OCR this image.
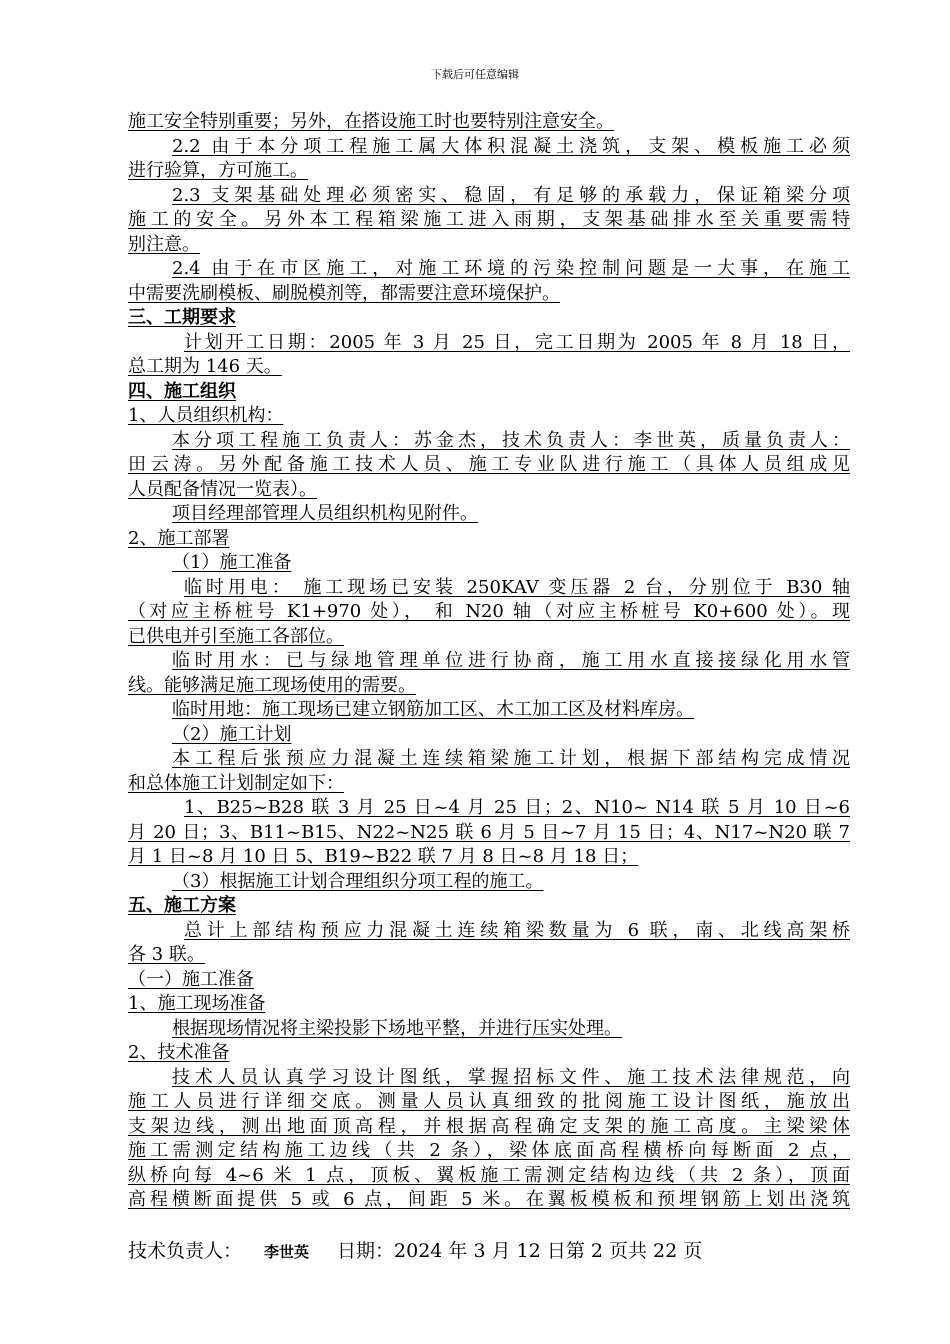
下载后可任意编辑
施工安全特别重要；另外，在搭设施工时也要特别注意安全。
2.2 由于本分项工程施工属大体积混凝土浇筑，支架、模板施工必须
进行验算，方可施工。
2.3 支架基础处理必须密实、稳固，有足够的承载力，保证箱梁分项
施工的安全。另外本工程箱梁施工进入雨期，支架基础排水至关重要需特
别注意。
2.4 由于在市区施工，对施工环境的污染控制问题是一大事，在施工
中需要洗刷模板、刷脱模剂等，都需要注意环境保护。
三、工期要求
计划开工日期：2005 年 3 月 25 日，完工日期为 2005 年 8 月 18 日，
总工期为 146 天。
四、施工组织
1、人员组织机构：
本分项工程施工负责人：苏金杰，技术负责人：李世英，质量负责人：
田云涛。另外配备施工技术人员、施工专业队进行施工（具体人员组成见
人员配备情况一览表）。
项目经理部管理人员组织机构见附件。
2、施工部署
（1）施工准备
临时用电： 施工现场已安装 250KAV 变压器 2 台，分别位于 B30 轴
（对应主桥桩号 K1+970 处）， 和 N20 轴（对应主桥桩号 K0+600 处）。现
已供电并引至施工各部位。
临时用水：已与绿地管理单位进行协商，施工用水直接接绿化用水管
线。能够满足施工现场使用的需要。
临时用地：施工现场已建立钢筋加工区、木工加工区及材料库房。
（2）施工计划
本工程后张预应力混凝土连续箱梁施工计划，根据下部结构完成情况
和总体施工计划制定如下：
1、B25~B28 联 3 月 25 日~4 月 25 日；2、N10~ N14 联 5 月 10 日~6
月 20 日；3、B11~B15、N22~N25 联 6 月 5 日~7 月 15 日；4、N17~N20 联 7
月 1 日~8 月 10 日 5、B19~B22 联 7 月 8 日~8 月 18 日；
（3）根据施工计划合理组织分项工程的施工。
五、施工方案
总计上部结构预应力混凝土连续箱梁数量为 6 联，南、北线高架桥
各 3 联。
（一）施工准备
1、施工现场准备
根据现场情况将主梁投影下场地平整，并进行压实处理。
2、技术准备
技术人员认真学习设计图纸，掌握招标文件、施工技术法律规范，向
施工人员进行详细交底。测量人员认真细致的批阅施工设计图纸，施放出
支架边线，测出地面顶高程，并根据高程确定支架的施工高度。主梁梁体
施工需测定结构施工边线（共 2 条），梁体底面高程横桥向每断面 2 点，
纵桥向每 4~6 米 1 点，顶板、翼板施工需测定结构边线（共 2 条），顶面
高程横断面提供 5 或 6 点，间距 5 米。在翼板模板和预埋钢筋上划出浇筑
技术负责人： 李世英 日期：2024 年 3 月 12 日第 2 页共 22 页
